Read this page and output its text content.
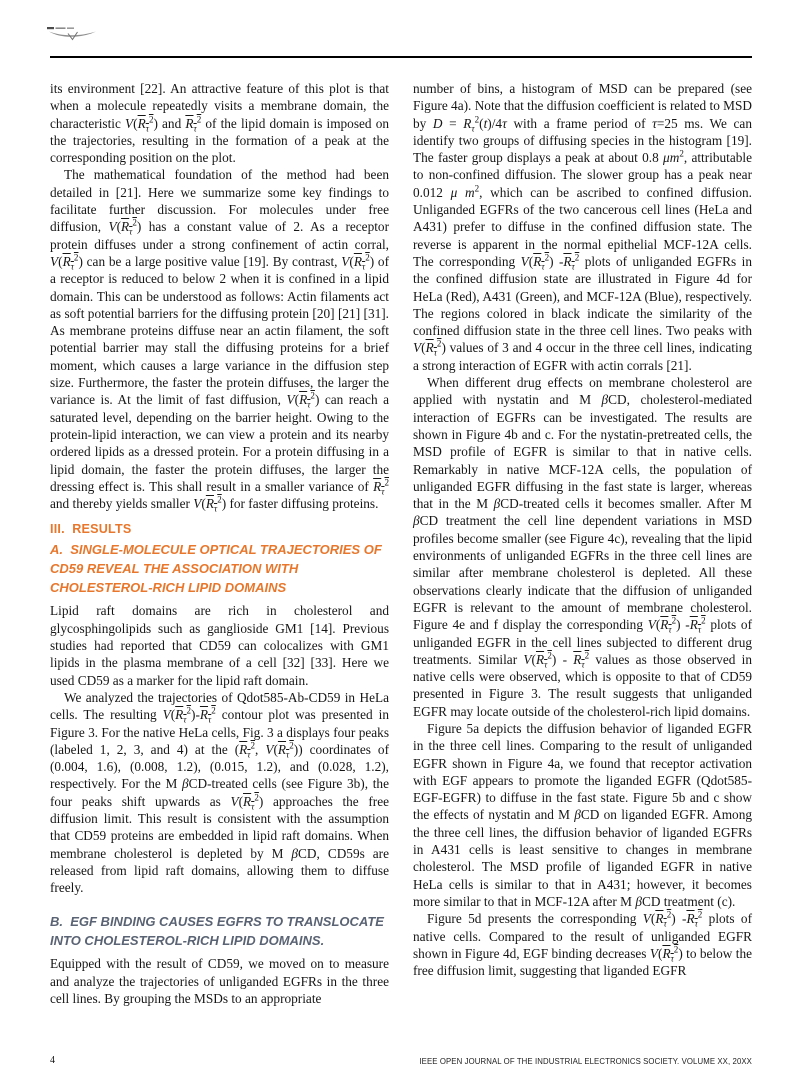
its environment [22]. An attractive feature of this plot is that when a molecule repeatedly visits a membrane domain, the characteristic $V(R_\tau^2)$ and $R_\tau^2$ of the lipid domain is imposed on the trajectories, resulting in the formation of a peak at the corresponding position on the plot.

The mathematical foundation of the method had been detailed in [21]. Here we summarize some key findings to facilitate further discussion. For molecules under free diffusion, $V(R_\tau^2)$ has a constant value of 2. As a receptor protein diffuses under a strong confinement of actin corral, $V(R_\tau^2)$ can be a large positive value [19]. By contrast, $V(R_\tau^2)$ of a receptor is reduced to below 2 when it is confined in a lipid domain. This can be understood as follows: Actin filaments act as soft potential barriers for the diffusing protein [20] [21] [31]. As membrane proteins diffuse near an actin filament, the soft potential barrier may stall the diffusing proteins for a brief moment, which causes a large variance in the diffusion step size. Furthermore, the faster the protein diffuses, the larger the variance is. At the limit of fast diffusion, $V(R_\tau^2)$ can reach a saturated level, depending on the barrier height. Owing to the protein-lipid interaction, we can view a protein and its nearby ordered lipids as a dressed protein. For a protein diffusing in a lipid domain, the faster the protein diffuses, the larger the dressing effect is. This shall result in a smaller variance of $R_\tau^2$ and thereby yields smaller $V(R_\tau^2)$ for faster diffusing proteins.

III.  RESULTS
A.  SINGLE-MOLECULE OPTICAL TRAJECTORIES OF CD59 REVEAL THE ASSOCIATION WITH CHOLESTEROL-RICH LIPID DOMAINS

Lipid raft domains are rich in cholesterol and glycosphingolipids such as ganglioside GM1 [14]. Previous studies had reported that CD59 can colocalizes with GM1 lipids in the plasma membrane of a cell [32] [33]. Here we used CD59 as a marker for the lipid raft domain.

We analyzed the trajectories of Qdot585-Ab-CD59 in HeLa cells. The resulting $V(R_\tau^2)-R_\tau^2$ contour plot was presented in Figure 3. For the native HeLa cells, Fig. 3 a displays four peaks (labeled 1, 2, 3, and 4) at the ($R_\tau^2$, $V(R_\tau^2)$) coordinates of (0.004, 1.6), (0.008, 1.2), (0.015, 1.2), and (0.028, 1.2), respectively. For the M βCD-treated cells (see Figure 3b), the four peaks shift upwards as $V(R_\tau^2)$ approaches the free diffusion limit. This result is consistent with the assumption that CD59 proteins are embedded in lipid raft domains. When membrane cholesterol is depleted by M βCD, CD59s are released from lipid raft domains, allowing them to diffuse freely.

B.  EGF BINDING CAUSES EGFRS TO TRANSLOCATE INTO CHOLESTEROL-RICH LIPID DOMAINS.

Equipped with the result of CD59, we moved on to measure and analyze the trajectories of unliganded EGFRs in the three cell lines. By grouping the MSDs to an appropriate

number of bins, a histogram of MSD can be prepared (see Figure 4a). Note that the diffusion coefficient is related to MSD by $D = R_\tau^2(t)/4\tau$ with a frame period of τ=25 ms. We can identify two groups of diffusing species in the histogram [19]. The faster group displays a peak at about 0.8 $\mu m^2$, attributable to non-confined diffusion. The slower group has a peak near 0.012 μ $m^2$, which can be ascribed to confined diffusion. Unliganded EGFRs of the two cancerous cell lines (HeLa and A431) prefer to diffuse in the confined diffusion state. The reverse is apparent in the normal epithelial MCF-12A cells. The corresponding $V(R_\tau^2)$ $-R_\tau^2$ plots of unliganded EGFRs in the confined diffusion state are illustrated in Figure 4d for HeLa (Red), A431 (Green), and MCF-12A (Blue), respectively. The regions colored in black indicate the similarity of the confined diffusion state in the three cell lines. Two peaks with $V(R_\tau^2)$ values of 3 and 4 occur in the three cell lines, indicating a strong interaction of EGFR with actin corrals [21].

When different drug effects on membrane cholesterol are applied with nystatin and M βCD, cholesterol-mediated interaction of EGFRs can be investigated. The results are shown in Figure 4b and c. For the nystatin-pretreated cells, the MSD profile of EGFR is similar to that in native cells. Remarkably in native MCF-12A cells, the population of unliganded EGFR diffusing in the fast state is larger, whereas that in the M βCD-treated cells it becomes smaller. After M βCD treatment the cell line dependent variations in MSD profiles become smaller (see Figure 4c), revealing that the lipid environments of unliganded EGFRs in the three cell lines are similar after membrane cholesterol is depleted. All these observations clearly indicate that the diffusion of unliganded EGFR is relevant to the amount of membrane cholesterol. Figure 4e and f display the corresponding $V(R_\tau^2)$ $-R_\tau^2$ plots of unliganded EGFR in the cell lines subjected to different drug treatments. Similar $V(R_\tau^2) - R_\tau^2$ values as those observed in native cells were observed, which is opposite to that of CD59 presented in Figure 3. The result suggests that unliganded EGFR may locate outside of the cholesterol-rich lipid domains.

Figure 5a depicts the diffusion behavior of liganded EGFR in the three cell lines. Comparing to the result of unliganded EGFR shown in Figure 4a, we found that receptor activation with EGF appears to promote the liganded EGFR (Qdot585-EGF-EGFR) to diffuse in the fast state. Figure 5b and c show the effects of nystatin and M βCD on liganded EGFR. Among the three cell lines, the diffusion behavior of liganded EGFRs in A431 cells is least sensitive to changes in membrane cholesterol. The MSD profile of liganded EGFR in native HeLa cells is similar to that in A431; however, it becomes more similar to that in MCF-12A after M βCD treatment (c).

Figure 5d presents the corresponding $V(R_\tau^2)$ $-R_\tau^2$ plots of native cells. Compared to the result of unliganded EGFR shown in Figure 4d, EGF binding decreases $V(R_\tau^2)$ to below the free diffusion limit, suggesting that liganded EGFR

4	IEEE OPEN JOURNAL OF THE INDUSTRIAL ELECTRONICS SOCIETY. VOLUME XX, 20XX
